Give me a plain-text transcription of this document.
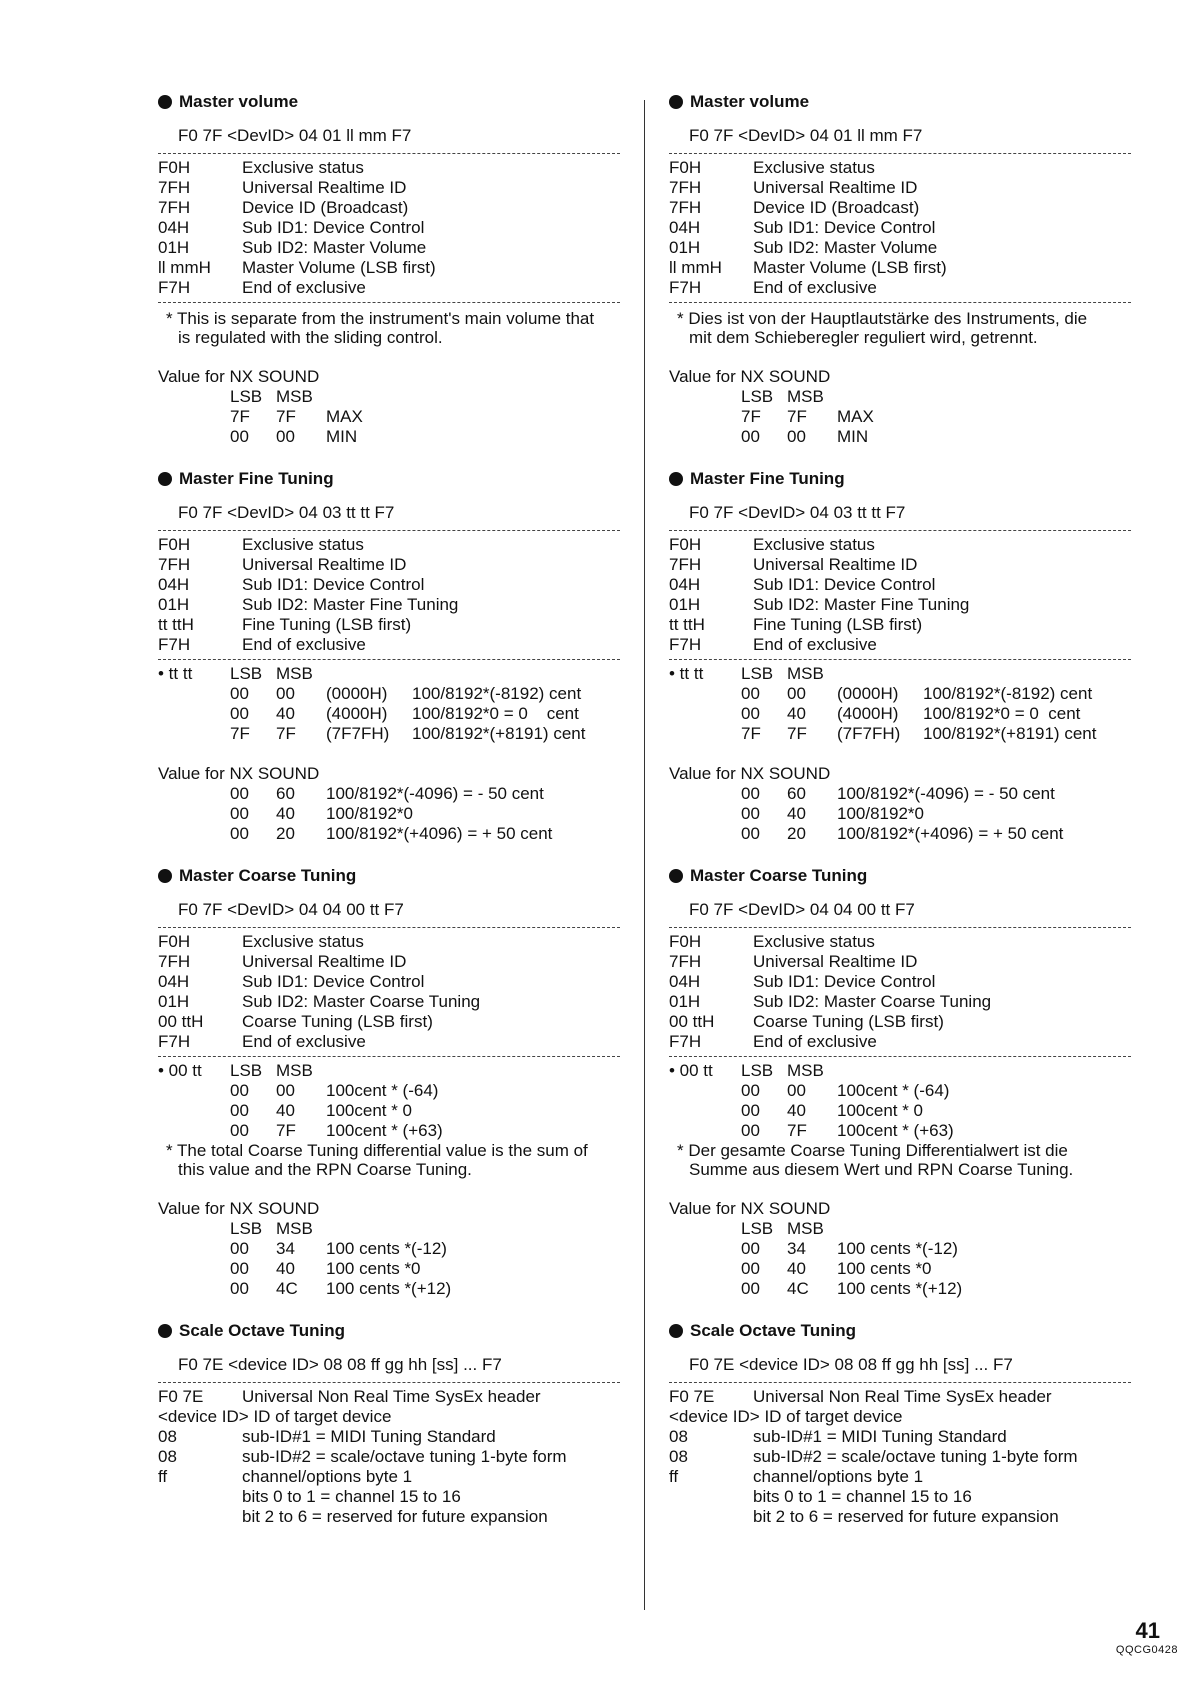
Master volume
F0 7F <DevID> 04 01 ll mm F7
F0H	Exclusive status
7FH	Universal Realtime ID
7FH	Device ID (Broadcast)
04H	Sub ID1: Device Control
01H	Sub ID2: Master Volume
ll mmH	Master Volume (LSB first)
F7H	End of exclusive
* This is separate from the instrument's main volume that
is regulated with the sliding control.
Value for NX SOUND
LSB MSB
7F	7F	MAX
00	00	MIN
Master Fine Tuning
F0 7F <DevID> 04 03 tt tt F7
F0H	Exclusive status
7FH	Universal Realtime ID
04H	Sub ID1: Device Control
01H	Sub ID2: Master Fine Tuning
tt ttH	Fine Tuning (LSB first)
F7H	End of exclusive
• tt tt	LSB MSB
00	00	(0000H)	100/8192*(-8192) cent
00	40	(4000H)	100/8192*0 = 0    cent
7F	7F	(7F7FH)	100/8192*(+8191) cent
Value for NX SOUND
00	60	100/8192*(-4096) = - 50 cent
00	40	100/8192*0
00	20	100/8192*(+4096) = + 50 cent
Master Coarse Tuning
F0 7F <DevID> 04 04 00 tt F7
F0H	Exclusive status
7FH	Universal Realtime ID
04H	Sub ID1: Device Control
01H	Sub ID2: Master Coarse Tuning
00 ttH	Coarse Tuning (LSB first)
F7H	End of exclusive
• 00 tt	LSB MSB
00	00	100cent * (-64)
00	40	100cent * 0
00	7F	100cent * (+63)
* The total Coarse Tuning differential value is the sum of
this value and the RPN Coarse Tuning.
Value for NX SOUND
LSB MSB
00	34	100 cents *(-12)
00	40	100 cents *0
00	4C	100 cents *(+12)
Scale Octave Tuning
F0 7E <device ID> 08 08 ff gg hh [ss] ... F7
F0 7E	Universal Non Real Time SysEx header
<device ID> ID of target device
08	sub-ID#1 = MIDI Tuning Standard
08	sub-ID#2 = scale/octave tuning 1-byte form
ff	channel/options byte 1
bits 0 to 1 = channel 15 to 16
bit 2 to 6 = reserved for future expansion
Master volume
F0 7F <DevID> 04 01 ll mm F7
F0H	Exclusive status
7FH	Universal Realtime ID
7FH	Device ID (Broadcast)
04H	Sub ID1: Device Control
01H	Sub ID2: Master Volume
ll mmH	Master Volume (LSB first)
F7H	End of exclusive
* Dies ist von der Hauptlautstärke des Instruments, die
mit dem Schieberegler reguliert wird, getrennt.
Value for NX SOUND
LSB MSB
7F	7F	MAX
00	00	MIN
Master Fine Tuning
F0 7F <DevID> 04 03 tt tt F7
F0H	Exclusive status
7FH	Universal Realtime ID
04H	Sub ID1: Device Control
01H	Sub ID2: Master Fine Tuning
tt ttH	Fine Tuning (LSB first)
F7H	End of exclusive
• tt tt	LSB MSB
00	00	(0000H)	100/8192*(-8192) cent
00	40	(4000H)	100/8192*0 = 0  cent
7F	7F	(7F7FH)	100/8192*(+8191) cent
Value for NX SOUND
00	60	100/8192*(-4096) = - 50 cent
00	40	100/8192*0
00	20	100/8192*(+4096) = + 50 cent
Master Coarse Tuning
F0 7F <DevID> 04 04 00 tt F7
F0H	Exclusive status
7FH	Universal Realtime ID
04H	Sub ID1: Device Control
01H	Sub ID2: Master Coarse Tuning
00 ttH	Coarse Tuning (LSB first)
F7H	End of exclusive
• 00 tt	LSB MSB
00	00	100cent * (-64)
00	40	100cent * 0
00	7F	100cent * (+63)
* Der gesamte Coarse Tuning Differentialwert ist die
Summe aus diesem Wert und RPN Coarse Tuning.
Value for NX SOUND
LSB MSB
00	34	100 cents *(-12)
00	40	100 cents *0
00	4C	100 cents *(+12)
Scale Octave Tuning
F0 7E <device ID> 08 08 ff gg hh [ss] ... F7
F0 7E	Universal Non Real Time SysEx header
<device ID> ID of target device
08	sub-ID#1 = MIDI Tuning Standard
08	sub-ID#2 = scale/octave tuning 1-byte form
ff	channel/options byte 1
bits 0 to 1 = channel 15 to 16
bit 2 to 6 = reserved for future expansion
41
QQCG0428
